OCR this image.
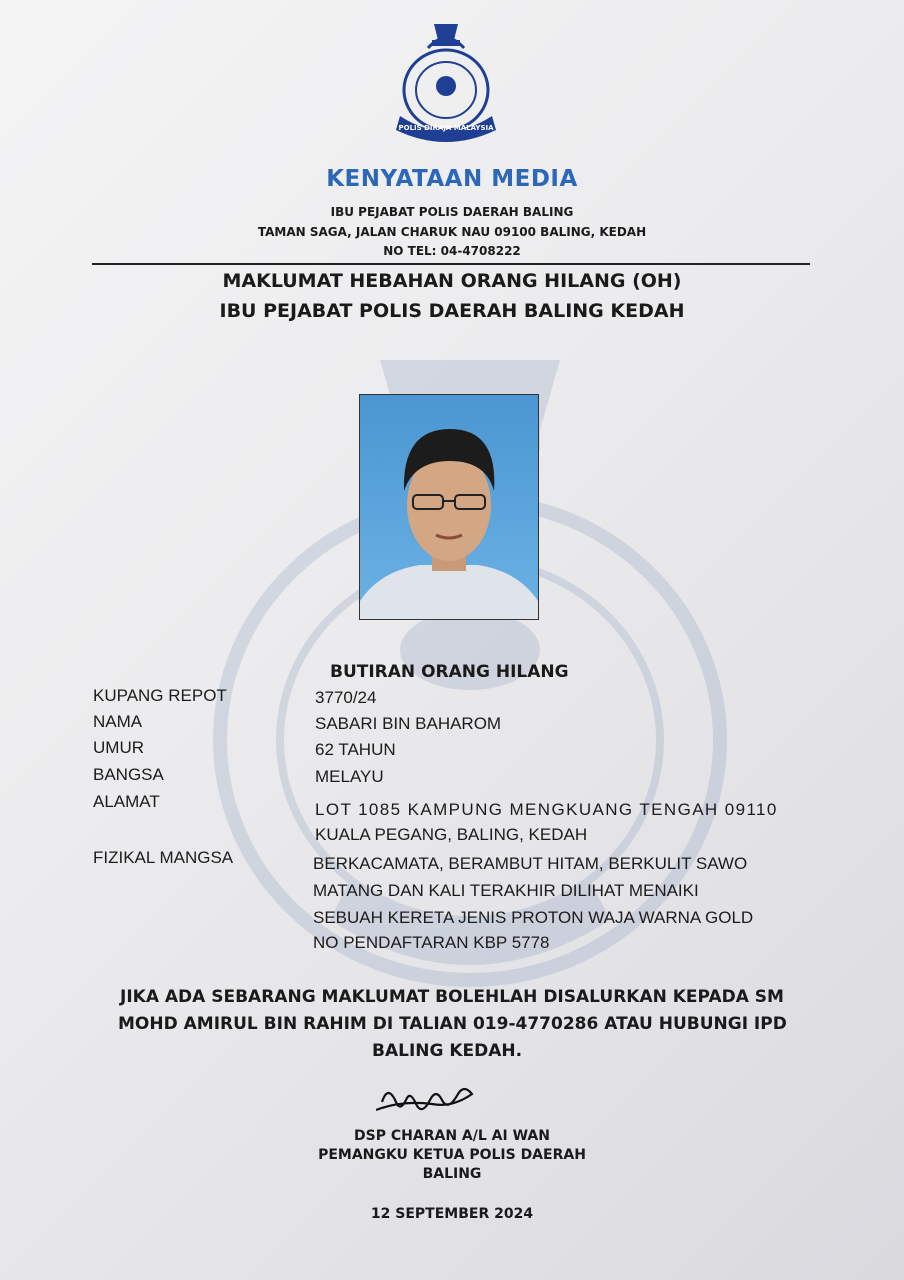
POLIS DIRAJA MALAYSIA
KENYATAAN MEDIA
IBU PEJABAT POLIS DAERAH BALING
TAMAN SAGA, JALAN CHARUK NAU 09100 BALING, KEDAH
NO TEL: 04-4708222
MAKLUMAT HEBAHAN ORANG HILANG (OH)
IBU PEJABAT POLIS DAERAH BALING KEDAH
BUTIRAN ORANG HILANG
KUPANG REPOT	3770/24
NAMA	SABARI BIN BAHAROM
UMUR	62 TAHUN
BANGSA	MELAYU
ALAMAT	LOT 1085 KAMPUNG MENGKUANG TENGAH 09110
KUALA PEGANG, BALING, KEDAH
FIZIKAL MANGSA	BERKACAMATA, BERAMBUT HITAM, BERKULIT SAWO
MATANG DAN KALI TERAKHIR DILIHAT MENAIKI
SEBUAH KERETA JENIS PROTON WAJA WARNA GOLD
NO PENDAFTARAN KBP 5778
JIKA ADA SEBARANG MAKLUMAT BOLEHLAH DISALURKAN KEPADA SM
MOHD AMIRUL BIN RAHIM DI TALIAN 019-4770286 ATAU HUBUNGI IPD
BALING KEDAH.
DSP CHARAN A/L AI WAN
PEMANGKU KETUA POLIS DAERAH
BALING
12 SEPTEMBER 2024
